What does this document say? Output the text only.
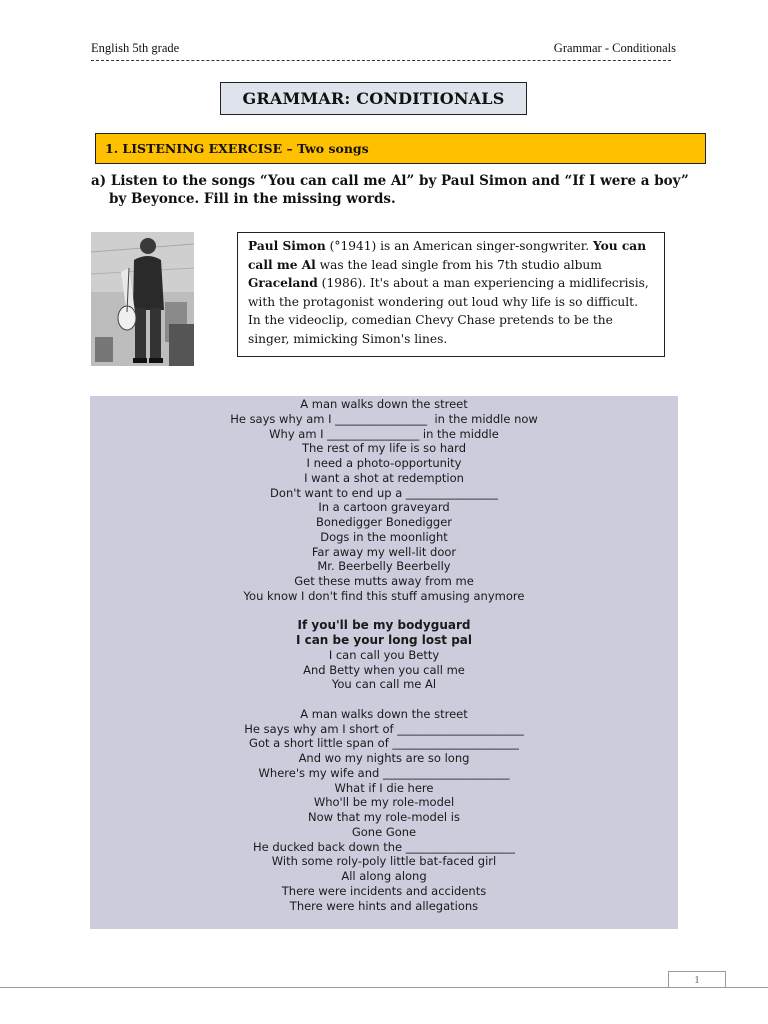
English 5th grade	Grammar - Conditionals
GRAMMAR: CONDITIONALS
1. LISTENING EXERCISE – Two songs
a) Listen to the songs “You can call me Al” by Paul Simon and “If I were a boy”
by Beyonce. Fill in the missing words.
Paul Simon (°1941) is an American singer-songwriter. You can call me Al was the lead single from his 7th studio album Graceland (1986). It's about a man experiencing a midlifecrisis, with the protagonist wondering out loud why life is so difficult. In the videoclip, comedian Chevy Chase pretends to be the singer, mimicking Simon's lines.
A man walks down the street
He says why am I ________________  in the middle now
Why am I ________________ in the middle
The rest of my life is so hard
I need a photo-opportunity
I want a shot at redemption
Don't want to end up a ________________
In a cartoon graveyard
Bonedigger Bonedigger
Dogs in the moonlight
Far away my well-lit door
Mr. Beerbelly Beerbelly
Get these mutts away from me
You know I don't find this stuff amusing anymore
If you'll be my bodyguard
I can be your long lost pal
I can call you Betty
And Betty when you call me
You can call me Al
A man walks down the street
He says why am I short of ______________________
Got a short little span of ______________________
And wo my nights are so long
Where's my wife and ______________________
What if I die here
Who'll be my role-model
Now that my role-model is
Gone Gone
He ducked back down the ___________________
With some roly-poly little bat-faced girl
All along along
There were incidents and accidents
There were hints and allegations
1
